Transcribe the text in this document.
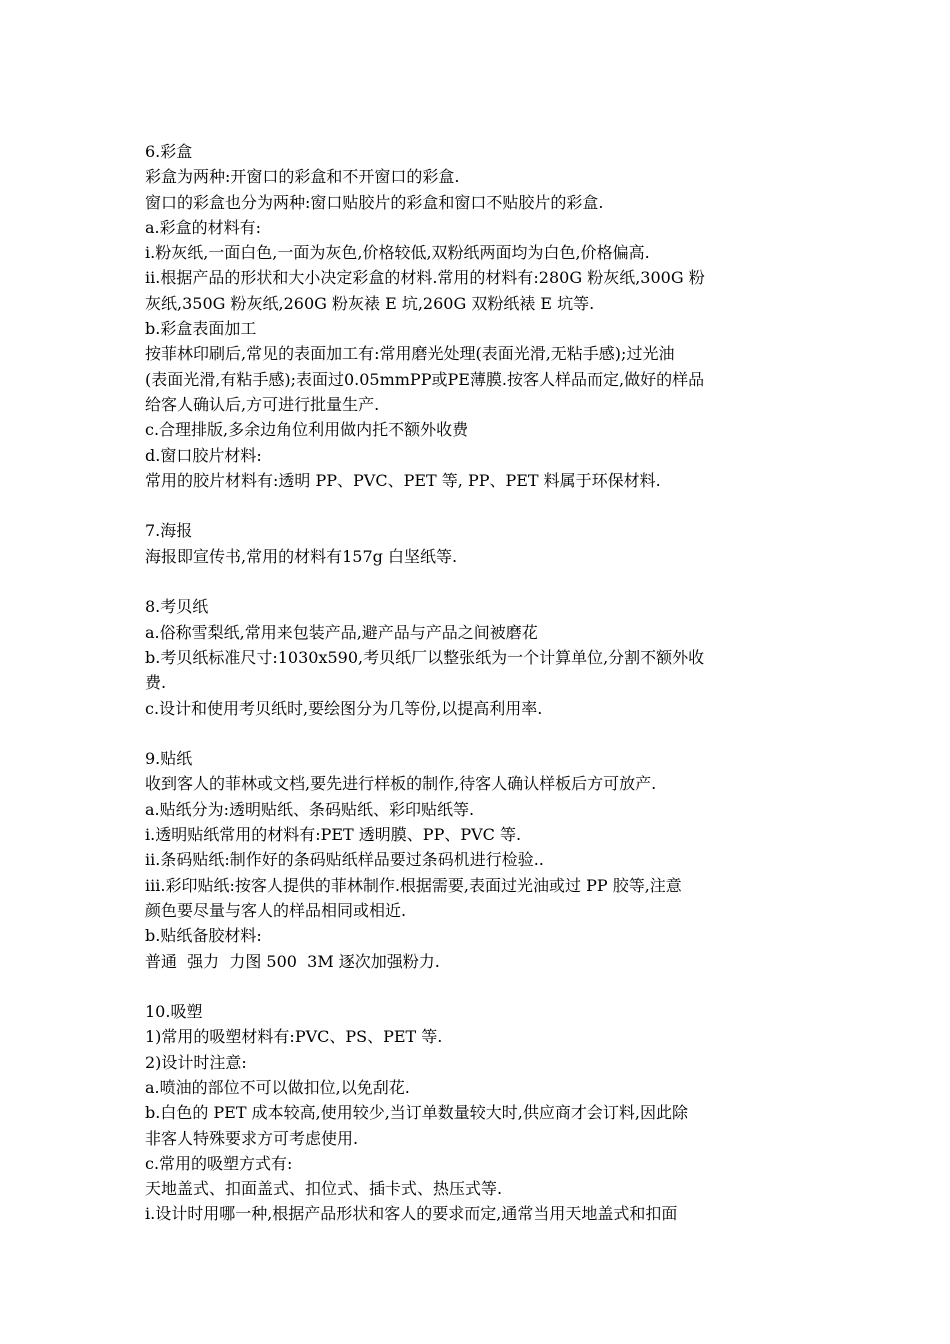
6.彩盒
彩盒为两种:开窗口的彩盒和不开窗口的彩盒.
窗口的彩盒也分为两种:窗口贴胶片的彩盒和窗口不贴胶片的彩盒.
a.彩盒的材料有:
i.粉灰纸,一面白色,一面为灰色,价格较低,双粉纸两面均为白色,价格偏高.
ii.根据产品的形状和大小决定彩盒的材料.常用的材料有:280G 粉灰纸,300G 粉
灰纸,350G 粉灰纸,260G 粉灰裱 E 坑,260G 双粉纸裱 E 坑等.
b.彩盒表面加工
按菲林印刷后,常见的表面加工有:常用磨光处理(表面光滑,无粘手感);过光油
(表面光滑,有粘手感);表面过0.05mmPP或PE薄膜.按客人样品而定,做好的样品
给客人确认后,方可进行批量生产.
c.合理排版,多余边角位利用做内托不额外收费
d.窗口胶片材料:
常用的胶片材料有:透明 PP、PVC、PET 等, PP、PET 料属于环保材料.
7.海报
海报即宣传书,常用的材料有157g 白坚纸等.
8.考贝纸
a.俗称雪梨纸,常用来包装产品,避产品与产品之间被磨花
b.考贝纸标准尺寸:1030x590,考贝纸厂以整张纸为一个计算单位,分割不额外收
费.
c.设计和使用考贝纸时,要绘图分为几等份,以提高利用率.
9.贴纸
收到客人的菲林或文档,要先进行样板的制作,待客人确认样板后方可放产.
a.贴纸分为:透明贴纸、条码贴纸、彩印贴纸等.
i.透明贴纸常用的材料有:PET 透明膜、PP、PVC 等.
ii.条码贴纸:制作好的条码贴纸样品要过条码机进行检验..
iii.彩印贴纸:按客人提供的菲林制作.根据需要,表面过光油或过 PP 胶等,注意
颜色要尽量与客人的样品相同或相近.
b.贴纸备胶材料:
普通  强力  力图 500  3M 逐次加强粉力.
10.吸塑
1)常用的吸塑材料有:PVC、PS、PET 等.
2)设计时注意:
a.喷油的部位不可以做扣位,以免刮花.
b.白色的 PET 成本较高,使用较少,当订单数量较大时,供应商才会订料,因此除
非客人特殊要求方可考虑使用.
c.常用的吸塑方式有:
天地盖式、扣面盖式、扣位式、插卡式、热压式等.
i.设计时用哪一种,根据产品形状和客人的要求而定,通常当用天地盖式和扣面
